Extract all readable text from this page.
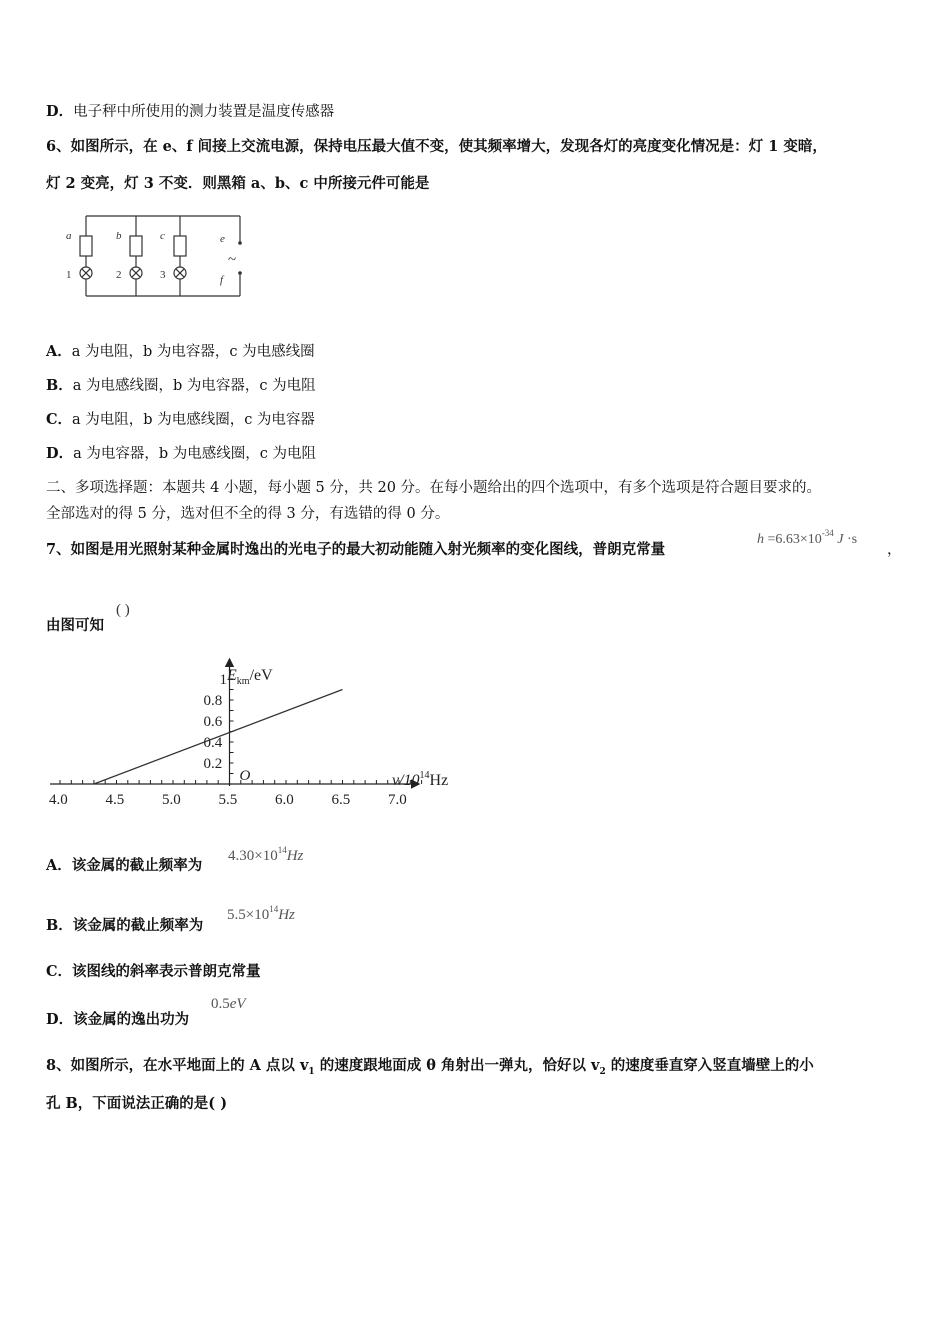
D．电子秤中所使用的测力装置是温度传感器
6、如图所示，在 e、f 间接上交流电源，保持电压最大值不变，使其频率增大，发现各灯的亮度变化情况是：灯 1 变暗，
灯 2 变亮，灯 3 不变．则黑箱 a、b、c 中所接元件可能是
a	b	c	e
f
1	2	3
~
A．a 为电阻，b 为电容器，c 为电感线圈
B．a 为电感线圈，b 为电容器，c 为电阻
C．a 为电阻，b 为电感线圈，c 为电容器
D．a 为电容器，b 为电感线圈，c 为电阻
二、多项选择题：本题共 4 小题，每小题 5 分，共 20 分。在每小题给出的四个选项中，有多个选项是符合题目要求的。
全部选对的得 5 分，选对但不全的得 3 分，有选错的得 0 分。
7、如图是用光照射某种金属时逸出的光电子的最大初动能随入射光频率的变化图线，普朗克常量
$h =6.63\times 10^{-34}$ J ·s
，
由图可知
( )
4.0	4.5	5.0	5.5	6.0	6.5	7.0
0.2
0.4
0.6
0.8
1
O
$E_{km}/eV$
$\nu/10^{14}Hz$
A．该金属的截止频率为
$4.30\times 10^{14}Hz$
B．该金属的截止频率为
$5.5\times 10^{14}Hz$
C．该图线的斜率表示普朗克常量
D．该金属的逸出功为
0.5eV
8、如图所示，在水平地面上的 A 点以 $v_1$ 的速度跟地面成 θ 角射出一弹丸，恰好以 $v_2$ 的速度垂直穿入竖直墙壁上的小
孔 B，下面说法正确的是( )
